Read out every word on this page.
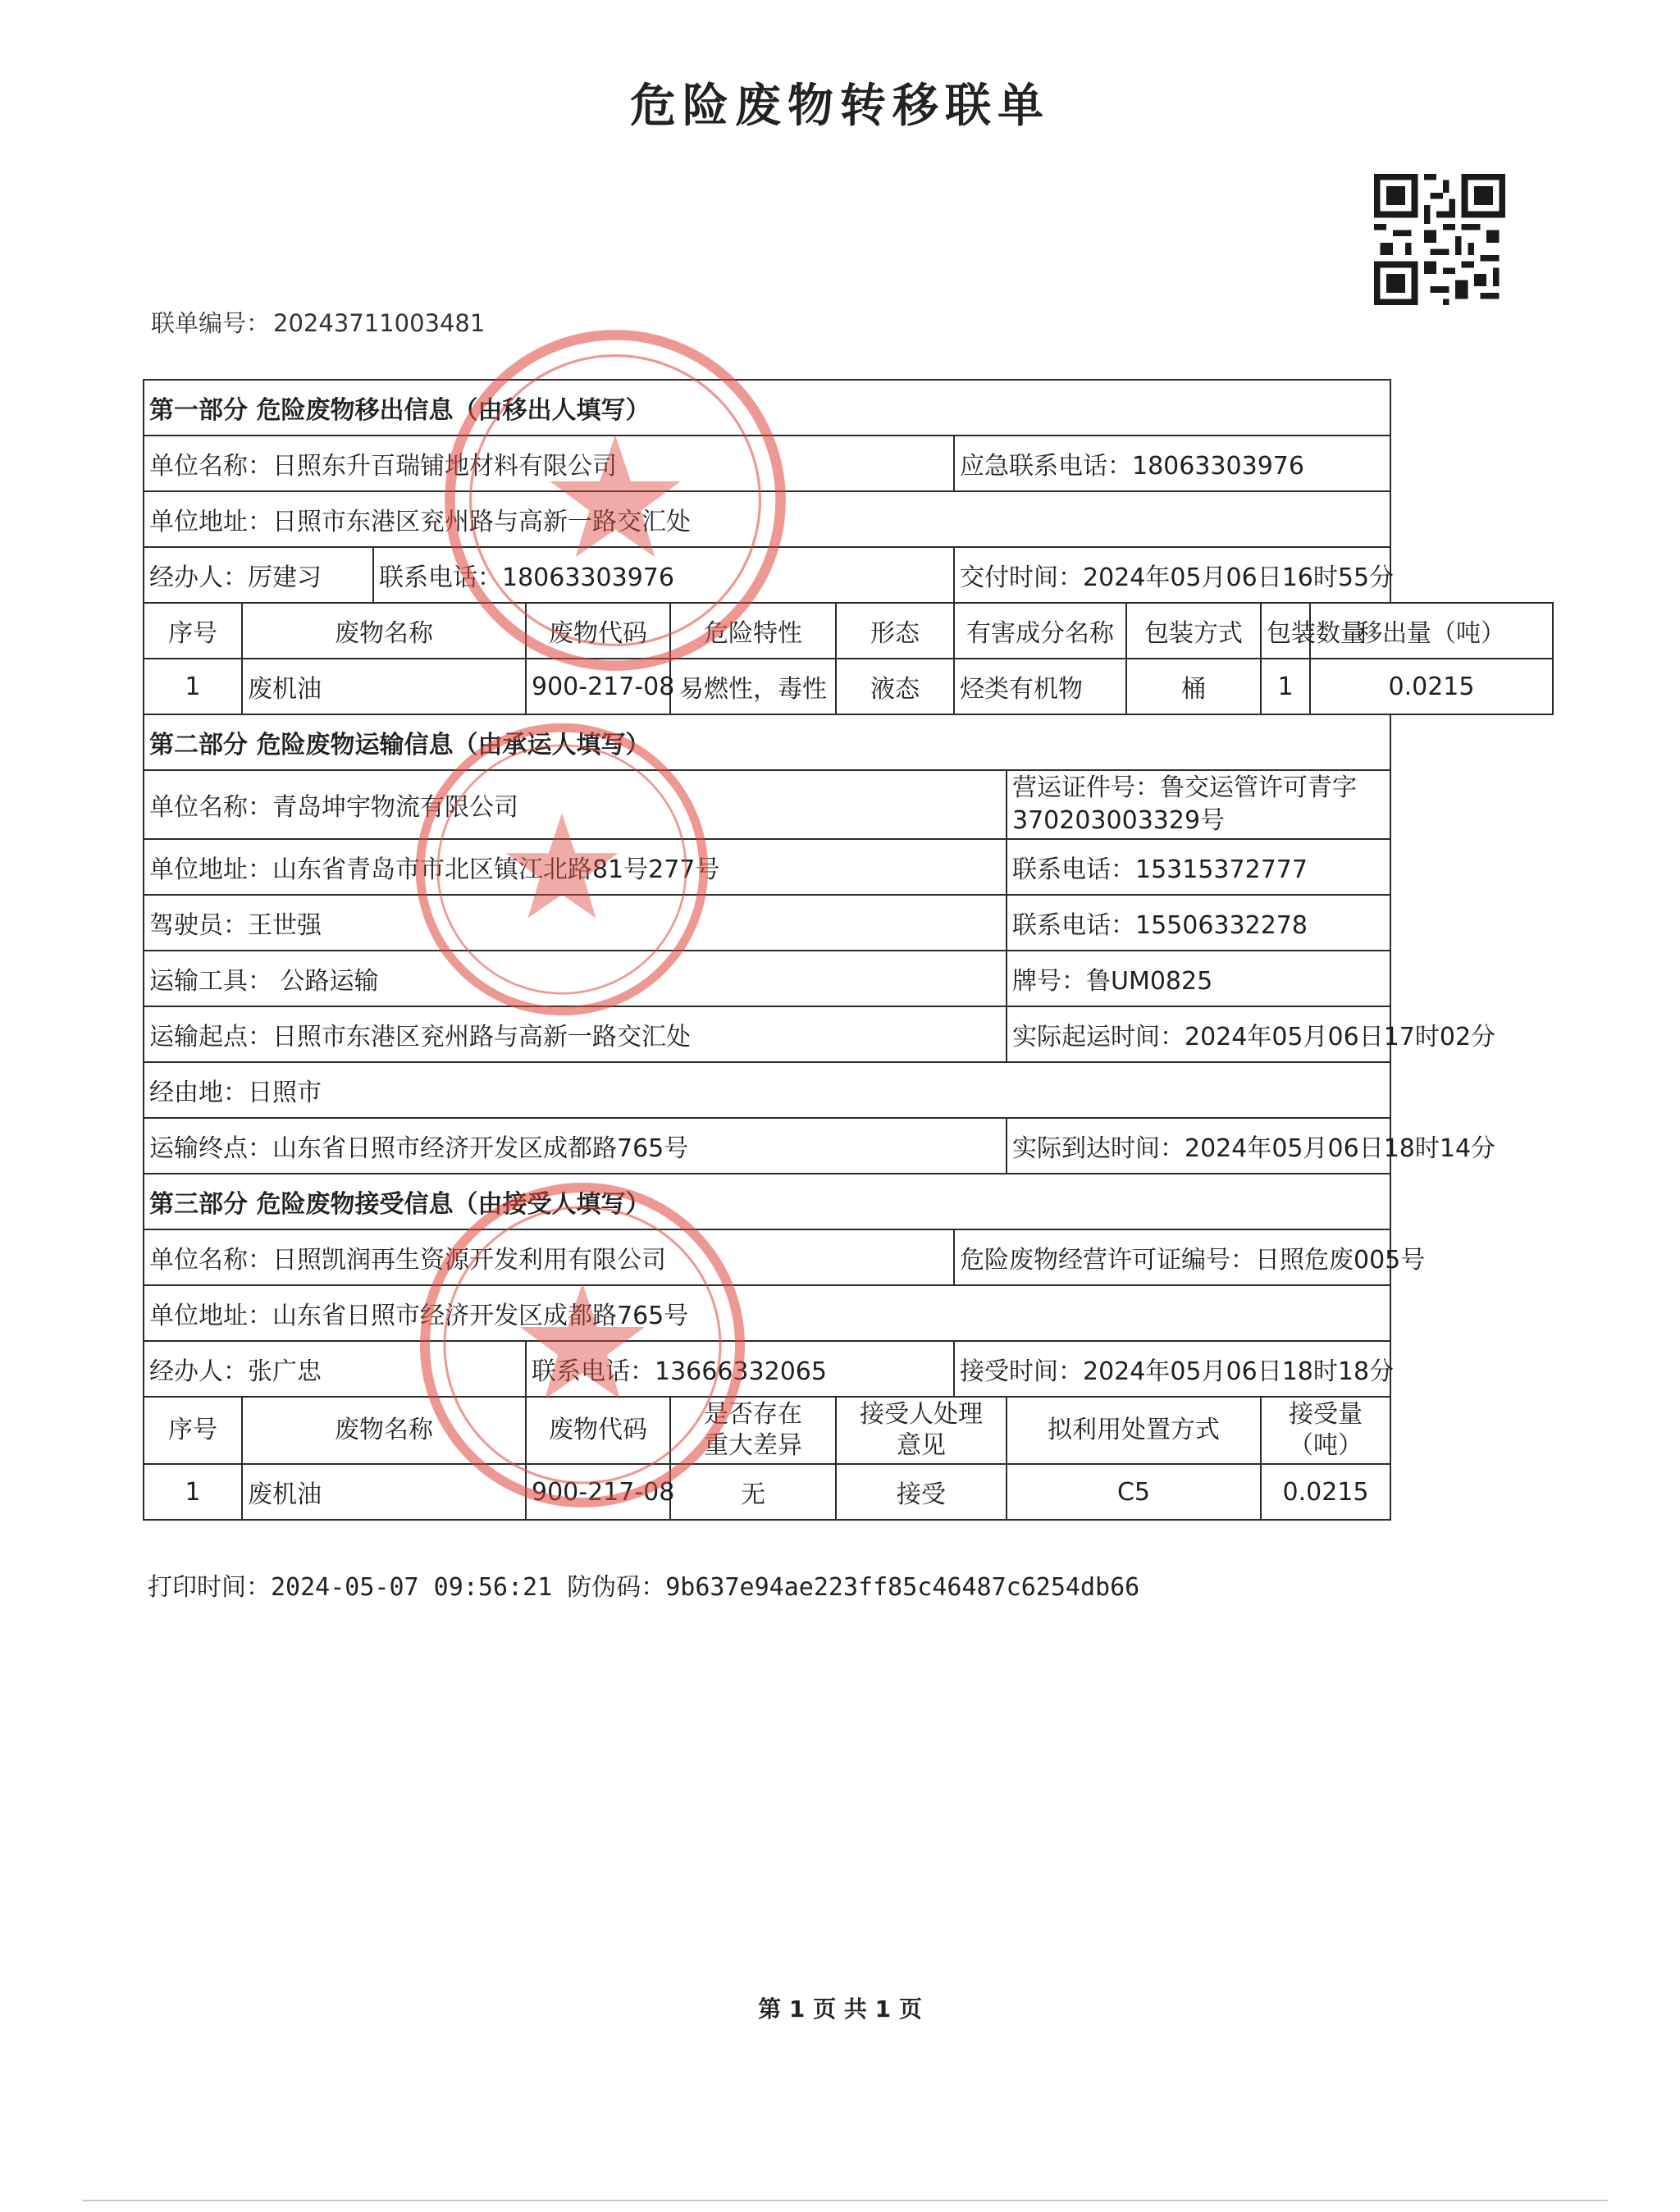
危险废物转移联单
联单编号： 20243711003481
第一部分 危险废物移出信息（由移出人填写）										
单位名称：日照东升百瑞铺地材料有限公司						应急联系电话：18063303976				
单位地址：日照市东港区兖州路与高新一路交汇处										
经办人：厉建习		联系电话：18063303976				交付时间：2024年05月06日16时55分				
序号	废物名称		废物代码	危险特性	形态	有害成分名称		包装方式	包装数量	移出量（吨）
1	废机油		900-217-08	易燃性，毒性	液态	烃类有机物		桶	1	0.0215
第二部分 危险废物运输信息（由承运人填写）										
单位名称：青岛坤宇物流有限公司							营运证件号：鲁交运管许可青字
370203003329号			
单位地址：山东省青岛市市北区镇江北路81号277号							联系电话：15315372777			
驾驶员：王世强							联系电话：15506332278			
运输工具： 公路运输							牌号：鲁UM0825			
运输起点：日照市东港区兖州路与高新一路交汇处							实际起运时间：2024年05月06日17时02分			
经由地：日照市										
运输终点：山东省日照市经济开发区成都路765号							实际到达时间：2024年05月06日18时14分			
第三部分 危险废物接受信息（由接受人填写）										
单位名称：日照凯润再生资源开发利用有限公司						危险废物经营许可证编号：日照危废005号				
单位地址：山东省日照市经济开发区成都路765号										
经办人：张广忠			联系电话：13666332065			接受时间：2024年05月06日18时18分				
序号	废物名称		废物代码	是否存在重大差异	接受人处理意见		拟利用处置方式		接受量（吨）	
1	废机油		900-217-08	无	接受		C5		0.0215	
打印时间：2024-05-07 09:56:21 防伪码：9b637e94ae223ff85c46487c6254db66
第 1 页 共 1 页
